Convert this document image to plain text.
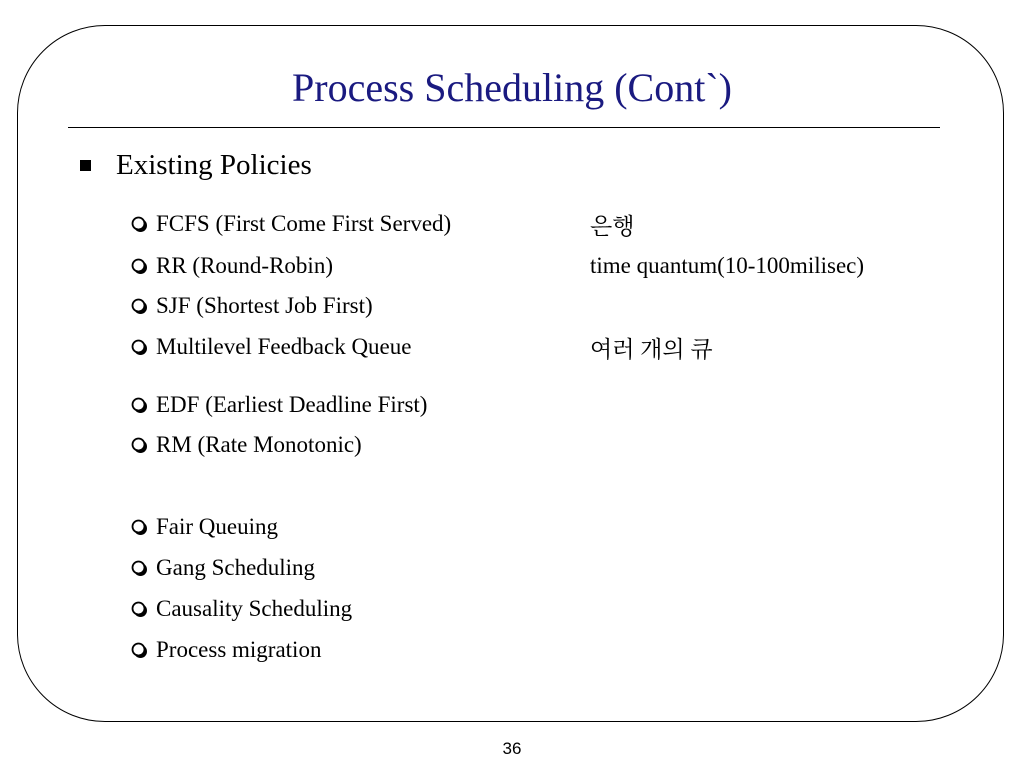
Process Scheduling (Cont`)
Existing Policies
FCFS (First Come First Served)	은행
RR (Round-Robin)	time quantum(10-100milisec)
SJF (Shortest Job First)
Multilevel Feedback Queue	여러 개의 큐
EDF (Earliest Deadline First)
RM (Rate Monotonic)
Fair Queuing
Gang Scheduling
Causality Scheduling
Process migration
36
